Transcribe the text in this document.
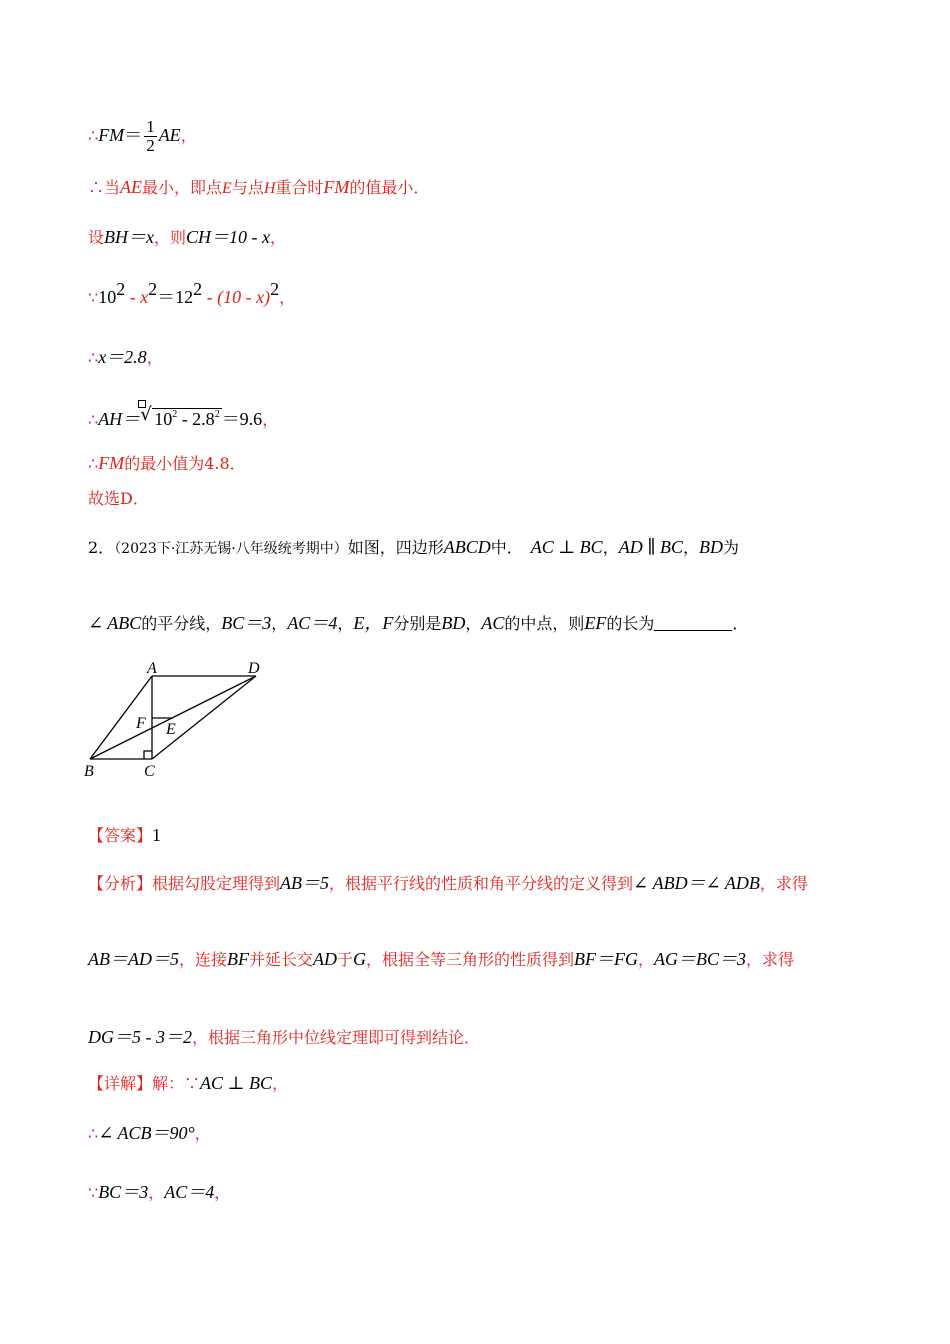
∴FM＝ $\frac{1}{2}$ AE，
∴当AE最小，即点E与点H重合时FM的值最小．
设BH＝x，则CH＝10 - x，
$\because 10^2 - x^2=12^2 - (10 - x)^2$，
∴x＝2.8，
∴AH＝ √ $10^2 - 2.8^2 =9.6$，
∴FM的最小值为4.8．
故选D．
2．（2023下·江苏无锡·八年级统考期中）如图，四边形ABCD中． AC ⊥ BC，AD ∥ BC，BD为
∠ ABC的平分线，BC＝3，AC＝4，E，F分别是BD，AC的中点，则EF的长为	．
A	D
F E
B	C
【答案】1
【分析】根据勾股定理得到AB＝5，根据平行线的性质和角平分线的定义得到∠ ABD＝∠ ADB，求得
AB＝AD＝5，连接BF并延长交AD于G，根据全等三角形的性质得到BF＝FG，AG＝BC＝3，求得
DG＝5 - 3＝2，根据三角形中位线定理即可得到结论．
【详解】解：∵AC ⊥ BC，
∴∠ ACB＝90°，
∵BC＝3，AC＝4，
